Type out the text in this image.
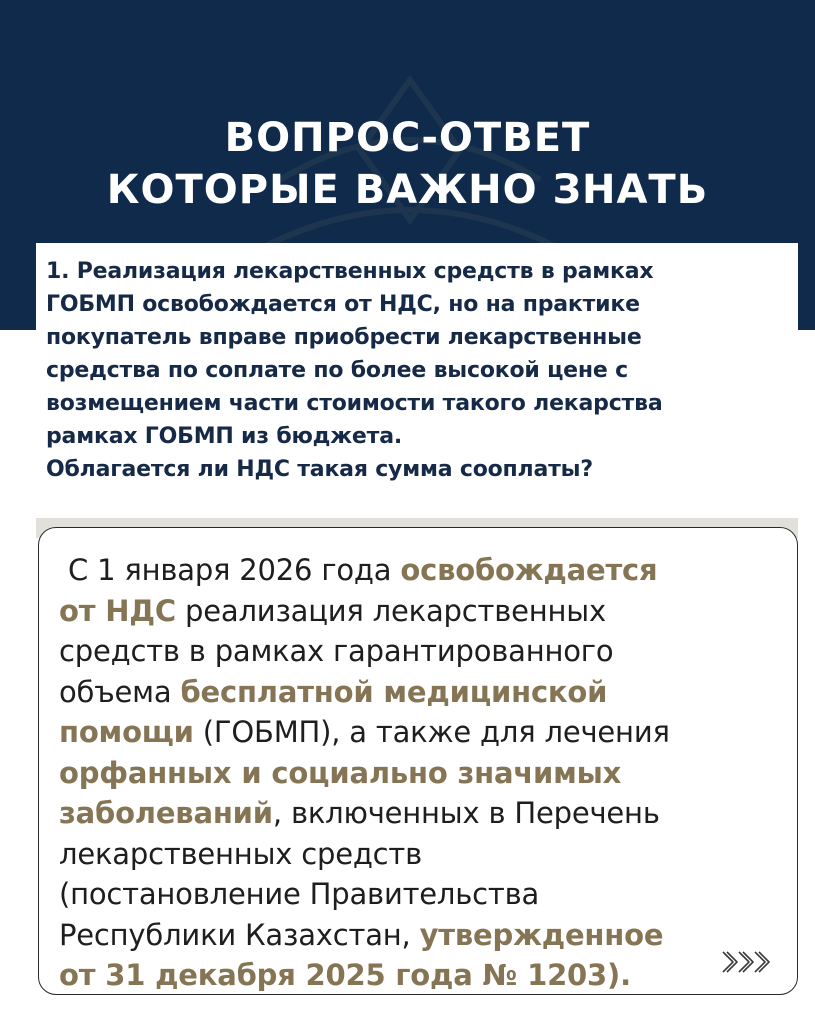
ВОПРОС-ОТВЕТ
КОТОРЫЕ ВАЖНО ЗНАТЬ
1. Реализация лекарственных средств в рамках
ГОБМП освобождается от НДС, но на практике
покупатель вправе приобрести лекарственные
средства по соплате по более высокой цене с
возмещением части стоимости такого лекарства
рамках ГОБМП из бюджета.
Облагается ли НДС такая сумма сооплаты?
С 1 января 2026 года освобождается
от НДС реализация лекарственных
средств в рамках гарантированного
объема бесплатной медицинской
помощи (ГОБМП), а также для лечения
орфанных и социально значимых
заболеваний, включенных в Перечень
лекарственных средств
(постановление Правительства
Республики Казахстан, утвержденное
от 31 декабря 2025 года № 1203).
